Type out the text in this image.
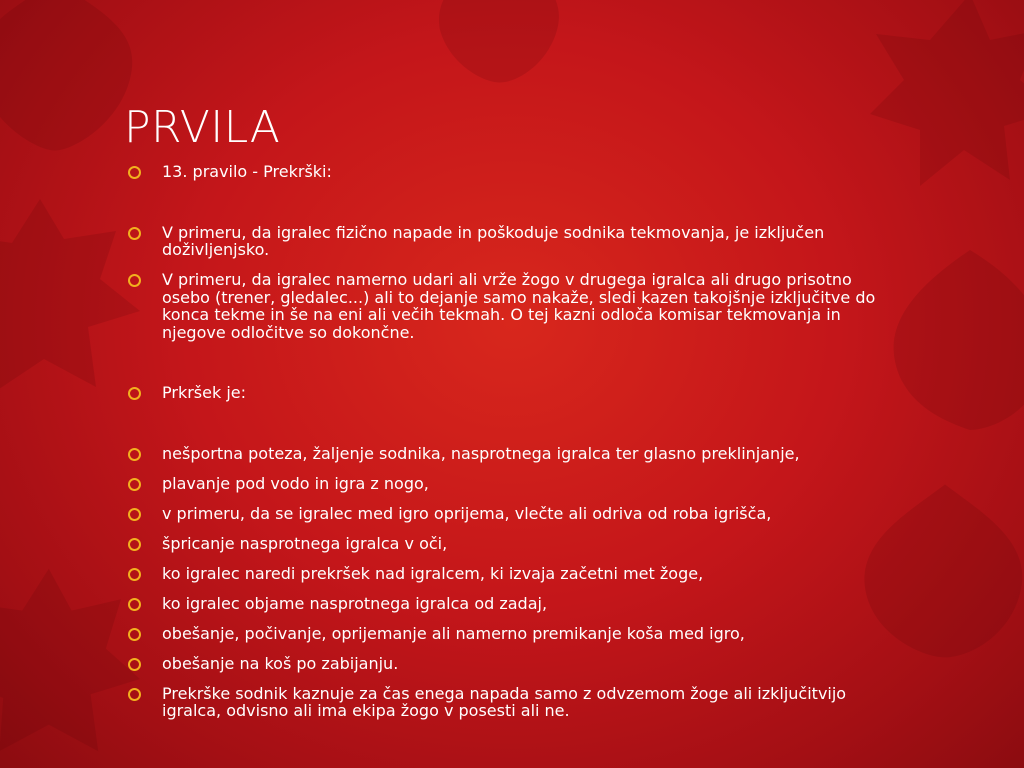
PRVILA
13. pravilo - Prekrški:
V primeru, da igralec fizično napade in poškoduje sodnika tekmovanja, je izključen doživljenjsko.
V primeru, da igralec namerno udari ali vrže žogo v drugega igralca ali drugo prisotno osebo (trener, gledalec...) ali to dejanje samo nakaže, sledi kazen takojšnje izključitve do konca tekme in še na eni ali večih tekmah. O tej kazni odloča komisar tekmovanja in njegove odločitve so dokončne.
Prkršek je:
nešportna poteza, žaljenje sodnika, nasprotnega igralca ter glasno preklinjanje,
plavanje pod vodo in igra z nogo,
v primeru, da se igralec med igro oprijema, vlečte ali odriva od roba igrišča,
špricanje nasprotnega igralca v oči,
ko igralec naredi prekršek nad igralcem, ki izvaja začetni met žoge,
ko igralec objame nasprotnega igralca od zadaj,
obešanje, počivanje, oprijemanje ali namerno premikanje koša med igro,
obešanje na koš po zabijanju.
Prekrške sodnik kaznuje za čas enega napada samo z odvzemom žoge ali izključitvijo igralca, odvisno ali ima ekipa žogo v posesti ali ne.
